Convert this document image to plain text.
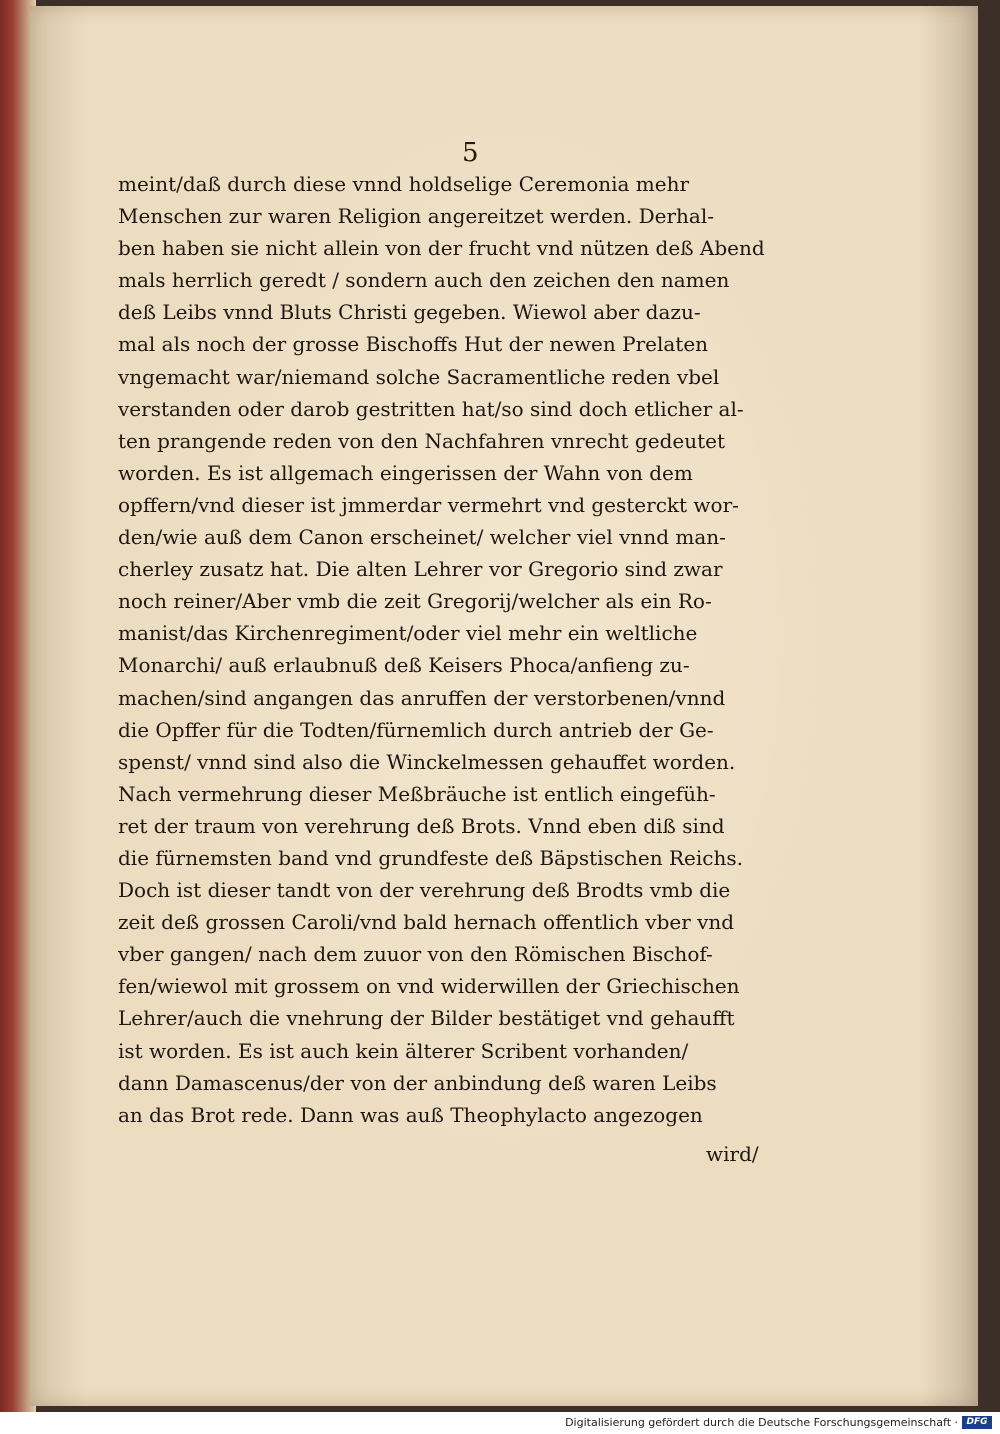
5
meint/daß durch diese vnnd holdselige Ceremonia mehr
Menschen zur waren Religion angereitzet werden. Derhal-
ben haben sie nicht allein von der frucht vnd nützen deß Abend
mals herrlich geredt / sondern auch den zeichen den namen
deß Leibs vnnd Bluts Christi gegeben. Wiewol aber dazu-
mal als noch der grosse Bischoffs Hut der newen Prelaten
vngemacht war/niemand solche Sacramentliche reden vbel
verstanden oder darob gestritten hat/so sind doch etlicher al-
ten prangende reden von den Nachfahren vnrecht gedeutet
worden. Es ist allgemach eingerissen der Wahn von dem
opffern/vnd dieser ist jmmerdar vermehrt vnd gesterckt wor-
den/wie auß dem Canon erscheinet/ welcher viel vnnd man-
cherley zusatz hat. Die alten Lehrer vor Gregorio sind zwar
noch reiner/Aber vmb die zeit Gregorij/welcher als ein Ro-
manist/das Kirchenregiment/oder viel mehr ein weltliche
Monarchi/ auß erlaubnuß deß Keisers Phoca/anfieng zu-
machen/sind angangen das anruffen der verstorbenen/vnnd
die Opffer für die Todten/fürnemlich durch antrieb der Ge-
spenst/ vnnd sind also die Winckelmessen gehauffet worden.
Nach vermehrung dieser Meßbräuche ist entlich eingefüh-
ret der traum von verehrung deß Brots. Vnnd eben diß sind
die fürnemsten band vnd grundfeste deß Bäpstischen Reichs.
Doch ist dieser tandt von der verehrung deß Brodts vmb die
zeit deß grossen Caroli/vnd bald hernach offentlich vber vnd
vber gangen/ nach dem zuuor von den Römischen Bischof-
fen/wiewol mit grossem on vnd widerwillen der Griechischen
Lehrer/auch die vnehrung der Bilder bestätiget vnd gehaufft
ist worden. Es ist auch kein älterer Scribent vorhanden/
dann Damascenus/der von der anbindung deß waren Leibs
an das Brot rede. Dann was auß Theophylacto angezogen
wird/
Digitalisierung gefördert durch die Deutsche Forschungsgemeinschaft · DFG
